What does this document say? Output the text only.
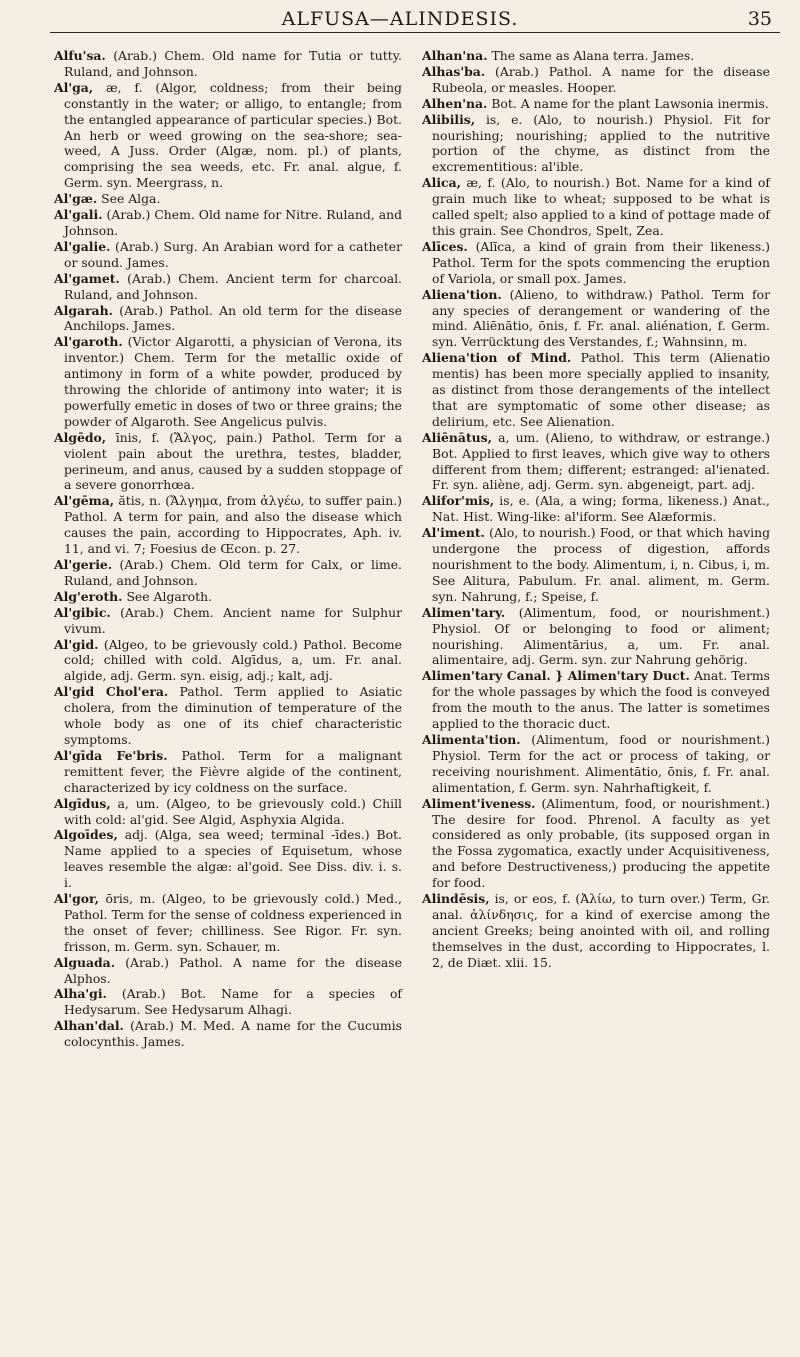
ALFUSA—ALINDESIS.	35

Alfu'sa. (Arab.) Chem. Old name for Tutia or tutty. Ruland, and Johnson.

Al'ga, æ, f. (Algor, coldness; from their being constantly in the water; or alligo, to entangle; from the entangled appearance of particular species.) Bot. An herb or weed growing on the sea-shore; sea-weed, A Juss. Order (Algæ, nom. pl.) of plants, comprising the sea weeds, etc. Fr. anal. algue, f. Germ. syn. Meergrass, n.

Al'gæ. See Alga.

Al'gali. (Arab.) Chem. Old name for Nitre. Ruland, and Johnson.

Al'galie. (Arab.) Surg. An Arabian word for a catheter or sound. James.

Al'gamet. (Arab.) Chem. Ancient term for charcoal. Ruland, and Johnson.

Algarah. (Arab.) Pathol. An old term for the disease Anchilops. James.

Al'garoth. (Victor Algarotti, a physician of Verona, its inventor.) Chem. Term for the metallic oxide of antimony in form of a white powder, produced by throwing the chloride of antimony into water; it is powerfully emetic in doses of two or three grains; the powder of Algaroth. See Angelicus pulvis.

Algēdo, īnis, f. (Ἄλγος, pain.) Pathol. Term for a violent pain about the urethra, testes, bladder, perineum, and anus, caused by a sudden stoppage of a severe gonorrhœa.

Al'gēma, ătis, n. (Ἄλγημα, from ἀλγέω, to suffer pain.) Pathol. A term for pain, and also the disease which causes the pain, according to Hippocrates, Aph. iv. 11, and vi. 7; Foesius de Œcon. p. 27.

Al'gerie. (Arab.) Chem. Old term for Calx, or lime. Ruland, and Johnson.

Alg'eroth. See Algaroth.

Al'gibic. (Arab.) Chem. Ancient name for Sulphur vivum.

Al'gid. (Algeo, to be grievously cold.) Pathol. Become cold; chilled with cold. Algīdus, a, um. Fr. anal. algide, adj. Germ. syn. eisig, adj.; kalt, adj.

Al'gid Chol'era. Pathol. Term applied to Asiatic cholera, from the diminution of temperature of the whole body as one of its chief characteristic symptoms.

Al'gīda Fe'bris. Pathol. Term for a malignant remittent fever, the Fièvre algide of the continent, characterized by icy coldness on the surface.

Algīdus, a, um. (Algeo, to be grievously cold.) Chill with cold: al'gid. See Algid, Asphyxia Algida.

Algoīdes, adj. (Alga, sea weed; terminal -īdes.) Bot. Name applied to a species of Equisetum, whose leaves resemble the algæ: al'goid. See Diss. div. i. s. i.

Al'gor, ōris, m. (Algeo, to be grievously cold.) Med., Pathol. Term for the sense of coldness experienced in the onset of fever; chilliness. See Rigor. Fr. syn. frisson, m. Germ. syn. Schauer, m.

Alguada. (Arab.) Pathol. A name for the disease Alphos.

Alha'gi. (Arab.) Bot. Name for a species of Hedysarum. See Hedysarum Alhagi.

Alhan'dal. (Arab.) M. Med. A name for the Cucumis colocynthis. James.

Alhan'na. The same as Alana terra. James.

Alhas'ba. (Arab.) Pathol. A name for the disease Rubeola, or measles. Hooper.

Alhen'na. Bot. A name for the plant Lawsonia inermis.

Alibilis, is, e. (Alo, to nourish.) Physiol. Fit for nourishing; nourishing; applied to the nutritive portion of the chyme, as distinct from the excrementitious: al'ible.

Alica, æ, f. (Alo, to nourish.) Bot. Name for a kind of grain much like to wheat; supposed to be what is called spelt; also applied to a kind of pottage made of this grain. See Chondros, Spelt, Zea.

Alīces. (Alīca, a kind of grain from their likeness.) Pathol. Term for the spots commencing the eruption of Variola, or small pox. James.

Aliena'tion. (Alieno, to withdraw.) Pathol. Term for any species of derangement or wandering of the mind. Aliēnātio, ōnis, f. Fr. anal. aliénation, f. Germ. syn. Verrücktung des Verstandes, f.; Wahnsinn, m.

Aliena'tion of Mind. Pathol. This term (Alienatio mentis) has been more specially applied to insanity, as distinct from those derangements of the intellect that are symptomatic of some other disease; as delirium, etc. See Alienation.

Aliēnātus, a, um. (Alieno, to withdraw, or estrange.) Bot. Applied to first leaves, which give way to others different from them; different; estranged: al'ienated. Fr. syn. aliène, adj. Germ. syn. abgeneigt, part. adj.

Alifor'mis, is, e. (Ala, a wing; forma, likeness.) Anat., Nat. Hist. Wing-like: al'iform. See Alæformis.

Al'iment. (Alo, to nourish.) Food, or that which having undergone the process of digestion, affords nourishment to the body. Alimentum, i, n. Cibus, i, m. See Alitura, Pabulum. Fr. anal. aliment, m. Germ. syn. Nahrung, f.; Speise, f.

Alimen'tary. (Alimentum, food, or nourishment.) Physiol. Of or belonging to food or aliment; nourishing. Alimentārius, a, um. Fr. anal. alimentaire, adj. Germ. syn. zur Nahrung gehörig.

Alimen'tary Canal. } Alimen'tary Duct. Anat. Terms for the whole passages by which the food is conveyed from the mouth to the anus. The latter is sometimes applied to the thoracic duct.

Alimenta'tion. (Alimentum, food or nourishment.) Physiol. Term for the act or process of taking, or receiving nourishment. Alimentātio, ōnis, f. Fr. anal. alimentation, f. Germ. syn. Nahrhaftigkeit, f.

Aliment'iveness. (Alimentum, food, or nourishment.) The desire for food. Phrenol. A faculty as yet considered as only probable, (its supposed organ in the Fossa zygomatica, exactly under Acquisitiveness, and before Destructiveness,) producing the appetite for food.

Alindēsis, is, or eos, f. (Ἀλίω, to turn over.) Term, Gr. anal. ἀλίνδησις, for a kind of exercise among the ancient Greeks; being anointed with oil, and rolling themselves in the dust, according to Hippocrates, l. 2, de Diæt. xlii. 15.
